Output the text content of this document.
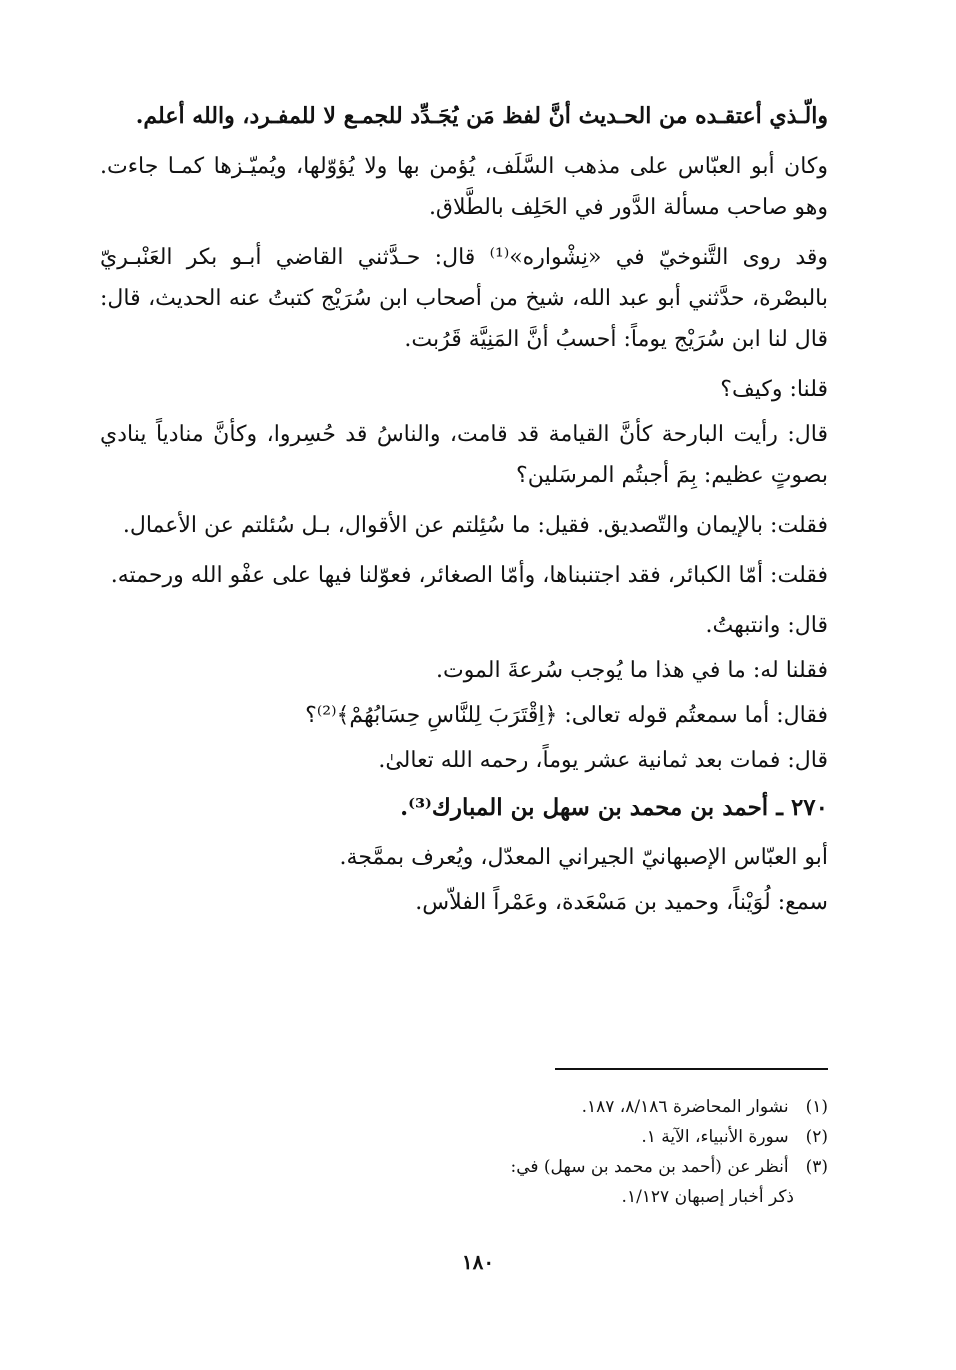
والّـذي أعتقـده من الحـديث أنَّ لفظ مَن يُجَـدِّد للجمـع لا للمفـرد، والله أعلم.

وكان أبو العبّاس على مذهب السَّلَف، يُؤمن بها ولا يُؤوّلها، ويُميّـزها كمـا جاءت. وهو صاحب مسألة الدَّور في الحَلِف بالطَّلاق.

وقد روى التَّنوخيّ في «نِشْواره»⁽¹⁾ قال: حـدَّثني القاضي أبـو بكر العَنْبـريّ بالبصْرة، حدَّثني أبو عبد الله، شيخ من أصحاب ابن سُرَيْج كتبتُ عنه الحديث، قال: قال لنا ابن سُرَيْج يوماً: أحسبُ أنَّ المَنِيَّة قَرُبت.

قلنا: وكيف؟

قال: رأيت البارحة كأنَّ القيامة قد قامت، والناسُ قد حُسِروا، وكأنَّ منادياً ينادي بصوتٍ عظيم: بِمَ أجبتُم المرسَلين؟

فقلت: بالإيمان والتّصديق. فقيل: ما سُئِلتم عن الأقوال، بـل سُئلتم عن الأعمال.

فقلت: أمّا الكبائر، فقد اجتنبناها، وأمّا الصغائر، فعوّلنا فيها على عفْو الله ورحمته.

قال: وانتبهتُ.

فقلنا له: ما في هذا ما يُوجب سُرعةَ الموت.

فقال: أما سمعتُم قوله تعالى: ﴿اِقْتَرَبَ لِلنَّاسِ حِسَابُهُمْ﴾⁽²⁾؟

قال: فمات بعد ثمانية عشر يوماً، رحمه الله تعالىٰ.

٢٧٠ ـ أحمد بن محمد بن سهل بن المبارك⁽³⁾.

أبو العبّاس الإصبهانيّ الجيراني المعدّل، ويُعرف بممَّجة.

سمع: لُوَيْناً، وحميد بن مَسْعَدة، وعَمْراً الفلاّس.

(١) نشوار المحاضرة ٨/١٨٦، ١٨٧.

(٢) سورة الأنبياء، الآية ١.

(٣) أنظر عن (أحمد بن محمد بن سهل) في:

ذكر أخبار إصبهان ١/١٢٧.

١٨٠
